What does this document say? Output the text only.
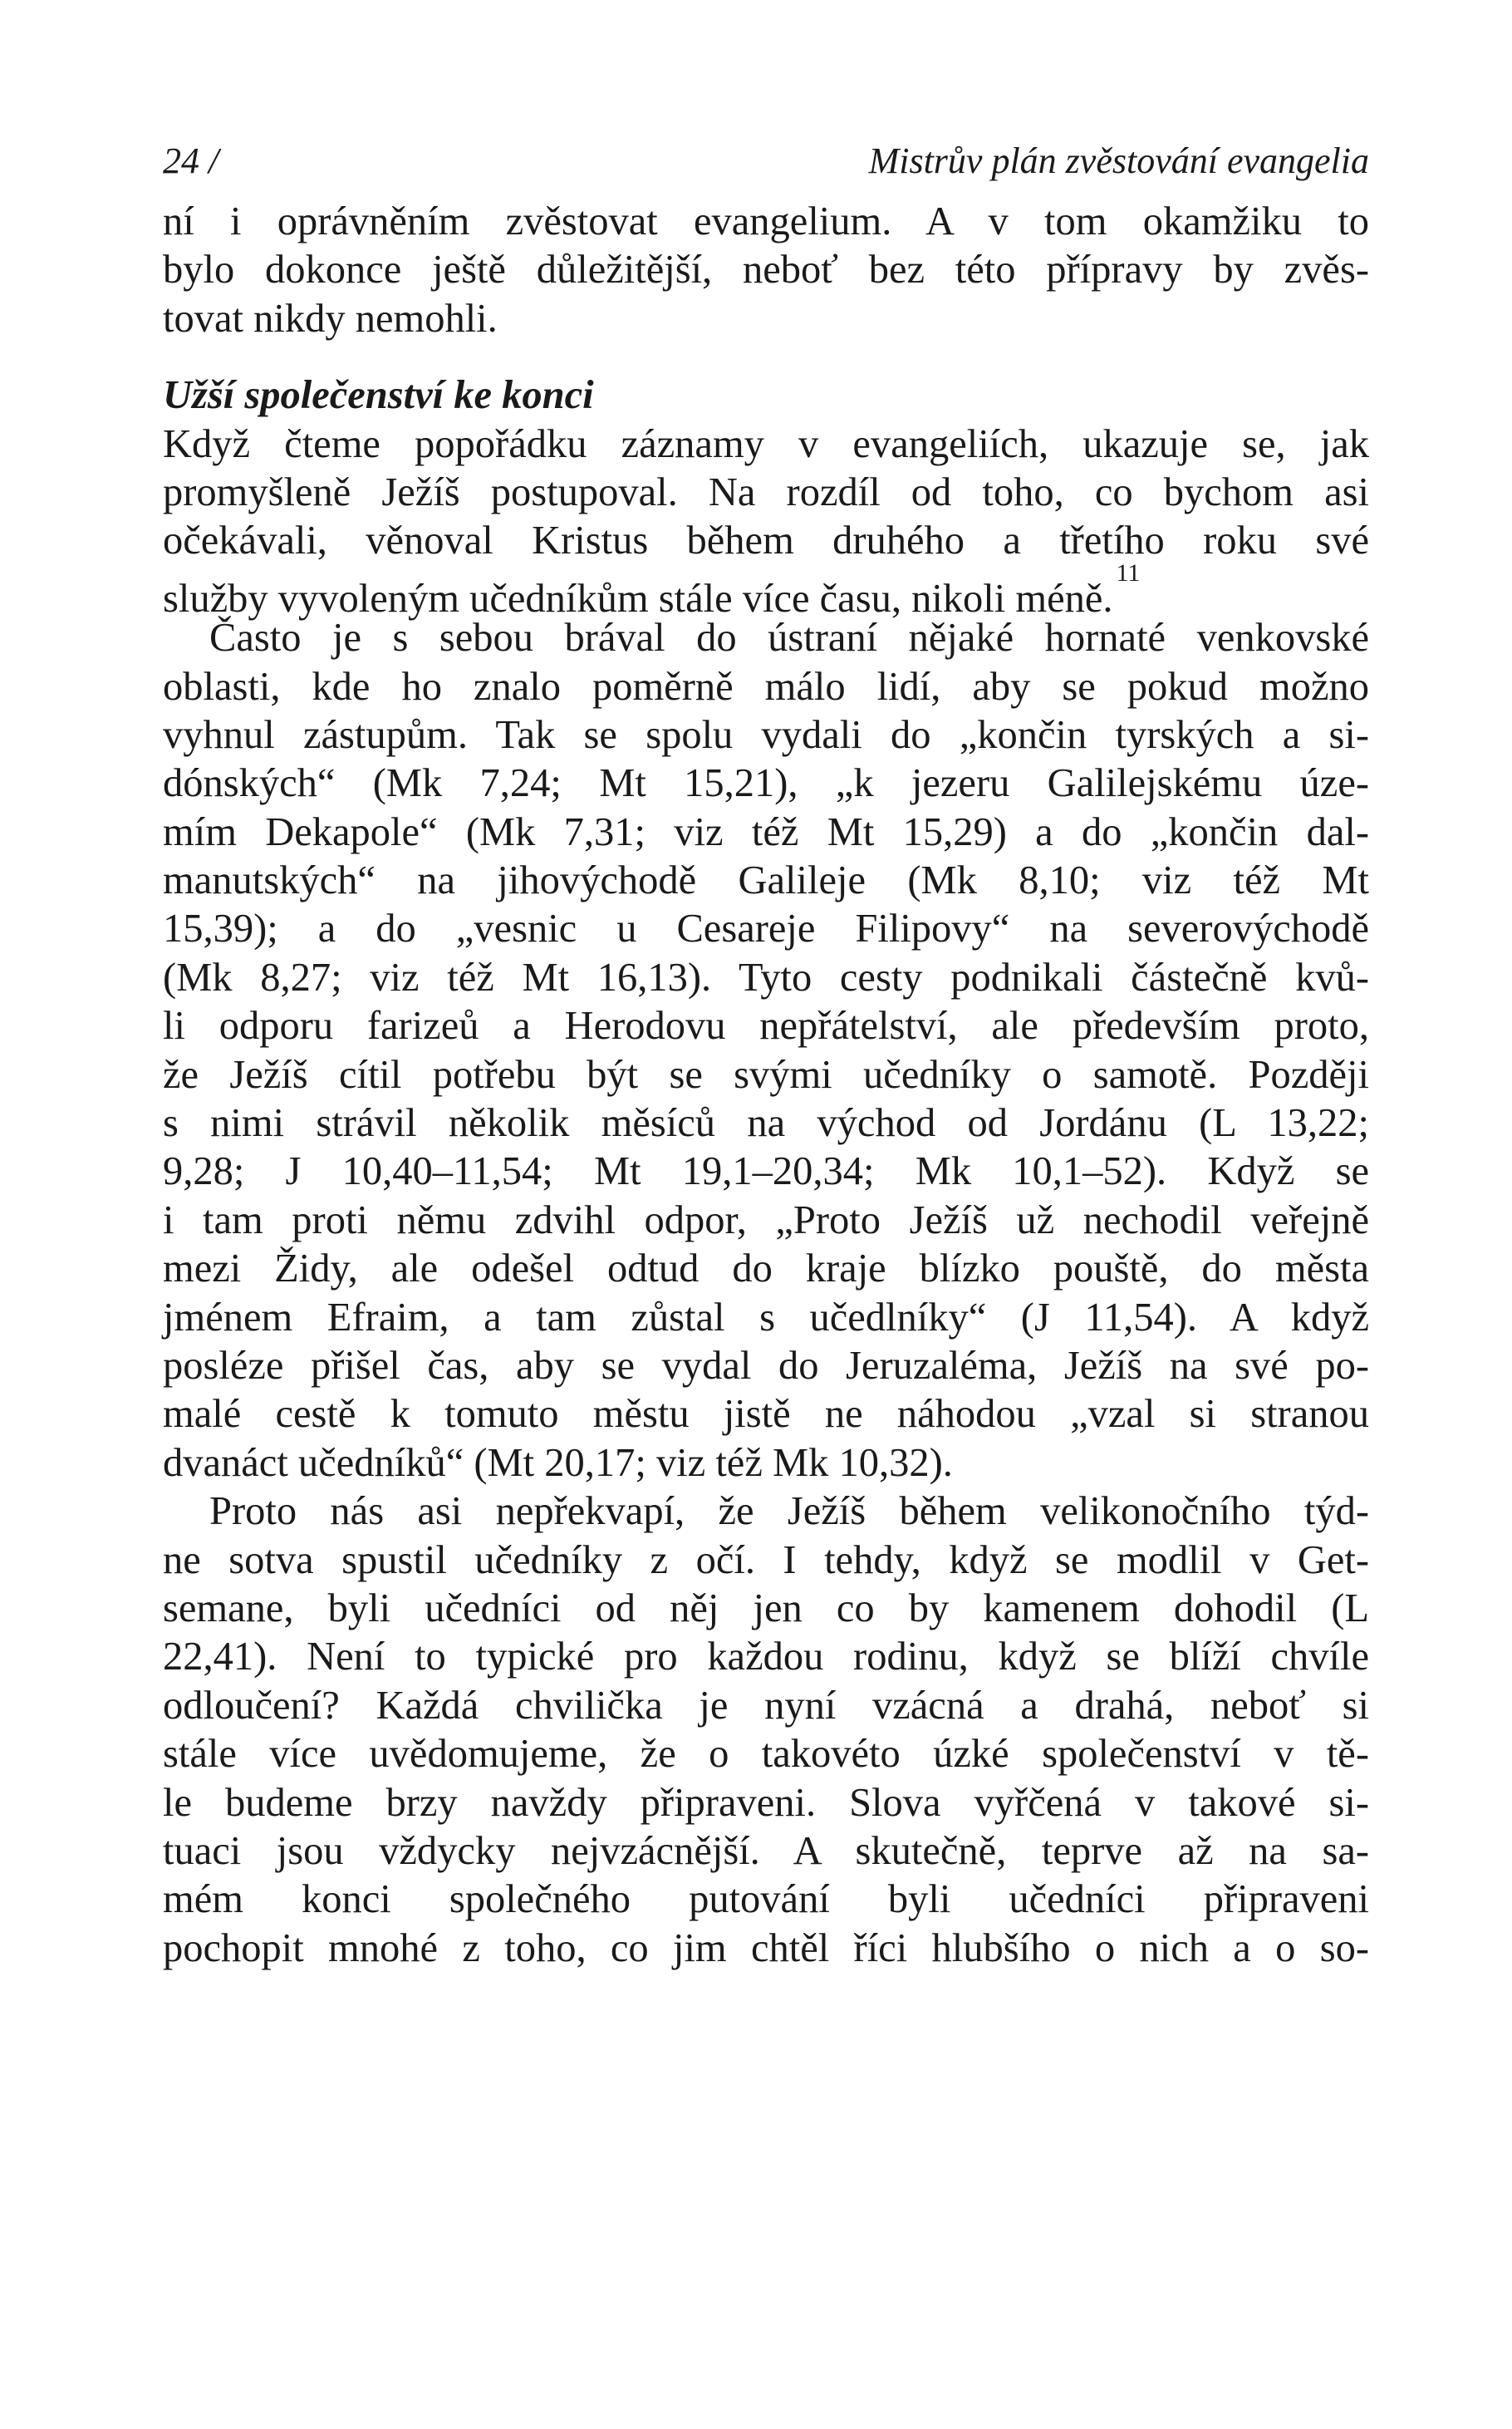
24 /	Mistrův plán zvěstování evangelia
ní i oprávněním zvěstovat evangelium. A v tom okamžiku to
bylo dokonce ještě důležitější, neboť bez této přípravy by zvěs-
tovat nikdy nemohli.
Užší společenství ke konci
Když čteme popořádku záznamy v evangeliích, ukazuje se, jak
promyšleně Ježíš postupoval. Na rozdíl od toho, co bychom asi
očekávali, věnoval Kristus během druhého a třetího roku své
služby vyvoleným učedníkům stále více času, nikoli méně.$^{11}$
Často je s sebou brával do ústraní nějaké hornaté venkovské
oblasti, kde ho znalo poměrně málo lidí, aby se pokud možno
vyhnul zástupům. Tak se spolu vydali do „končin tyrských a si-
dónských“ (Mk 7,24; Mt 15,21), „k jezeru Galilejskému úze-
mím Dekapole“ (Mk 7,31; viz též Mt 15,29) a do „končin dal-
manutských“ na jihovýchodě Galileje (Mk 8,10; viz též Mt
15,39); a do „vesnic u Cesareje Filipovy“ na severovýchodě
(Mk 8,27; viz též Mt 16,13). Tyto cesty podnikali částečně kvů-
li odporu farizeů a Herodovu nepřátelství, ale především proto,
že Ježíš cítil potřebu být se svými učedníky o samotě. Později
s nimi strávil několik měsíců na východ od Jordánu (L 13,22;
9,28; J 10,40–11,54; Mt 19,1–20,34; Mk 10,1–52). Když se
i tam proti němu zdvihl odpor, „Proto Ježíš už nechodil veřejně
mezi Židy, ale odešel odtud do kraje blízko pouště, do města
jménem Efraim, a tam zůstal s učedlníky“ (J 11,54). A když
posléze přišel čas, aby se vydal do Jeruzaléma, Ježíš na své po-
malé cestě k tomuto městu jistě ne náhodou „vzal si stranou
dvanáct učedníků“ (Mt 20,17; viz též Mk 10,32).
Proto nás asi nepřekvapí, že Ježíš během velikonočního týd-
ne sotva spustil učedníky z očí. I tehdy, když se modlil v Get-
semane, byli učedníci od něj jen co by kamenem dohodil (L
22,41). Není to typické pro každou rodinu, když se blíží chvíle
odloučení? Každá chvilička je nyní vzácná a drahá, neboť si
stále více uvědomujeme, že o takovéto úzké společenství v tě-
le budeme brzy navždy připraveni. Slova vyřčená v takové si-
tuaci jsou vždycky nejvzácnější. A skutečně, teprve až na sa-
mém konci společného putování byli učedníci připraveni
pochopit mnohé z toho, co jim chtěl říci hlubšího o nich a o so-
